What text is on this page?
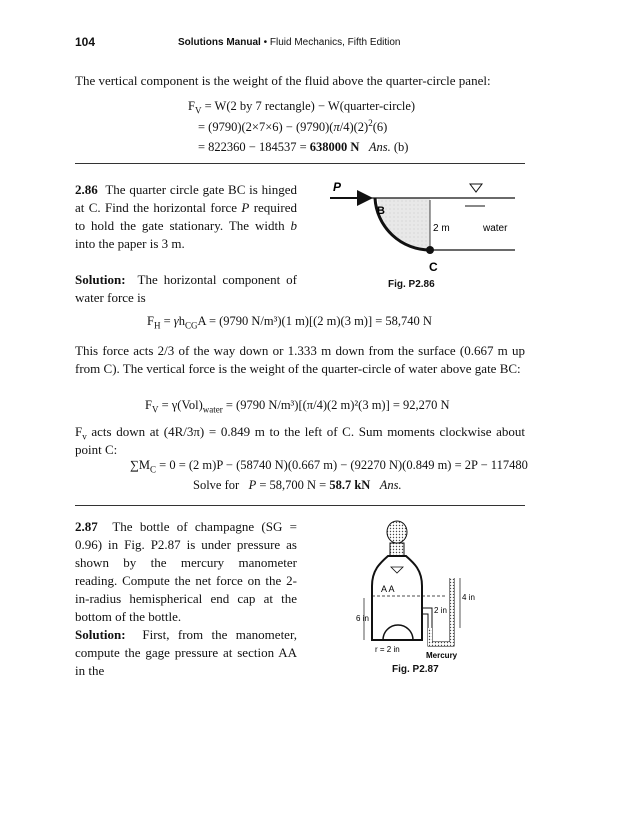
104	Solutions Manual • Fluid Mechanics, Fifth Edition
The vertical component is the weight of the fluid above the quarter-circle panel:
$F_V = W(2$ by 7 rectangle) − W(quarter-circle)
= $(9790)(2\times 7\times 6) - (9790)(\pi/4)(2)^2(6)$
= 822360 − 184537 = 638000 N Ans. (b)
2.86 The quarter circle gate BC is hinged at C. Find the horizontal force P required to hold the gate stationary. The width b into the paper is 3 m.
Solution: The horizontal component of water force is
P
B
C
2 m	water
Fig. P2.86
$F_H = \gamma h_{CG}A = (9790$ N/m³)(1 m)[(2 m)(3 m)] = 58,740 N
This force acts 2/3 of the way down or 1.333 m down from the surface (0.667 m up from C). The vertical force is the weight of the quarter-circle of water above gate BC:
$F_V = \gamma(Vol)_{water} = (9790$ N/m³)[(π/4)(2 m)²(3 m)] = 92,270 N
$F_v$ acts down at (4R/3π) = 0.849 m to the left of C. Sum moments clockwise about point C:
$\sum M_C = 0 = (2$ m)P − (58740 N)(0.667 m) − (92270 N)(0.849 m) = 2P − 117480
Solve for P = 58,700 N = 58.7 kN Ans.
2.87 The bottle of champagne (SG = 0.96) in Fig. P2.87 is under pressure as shown by the mercury manometer reading. Compute the net force on the 2-in-radius hemispherical end cap at the bottom of the bottle.
Solution: First, from the manometer, compute the gage pressure at section AA in the
6 in
A A
2 in
4 in
r = 2 in
Mercury
Fig. P2.87
